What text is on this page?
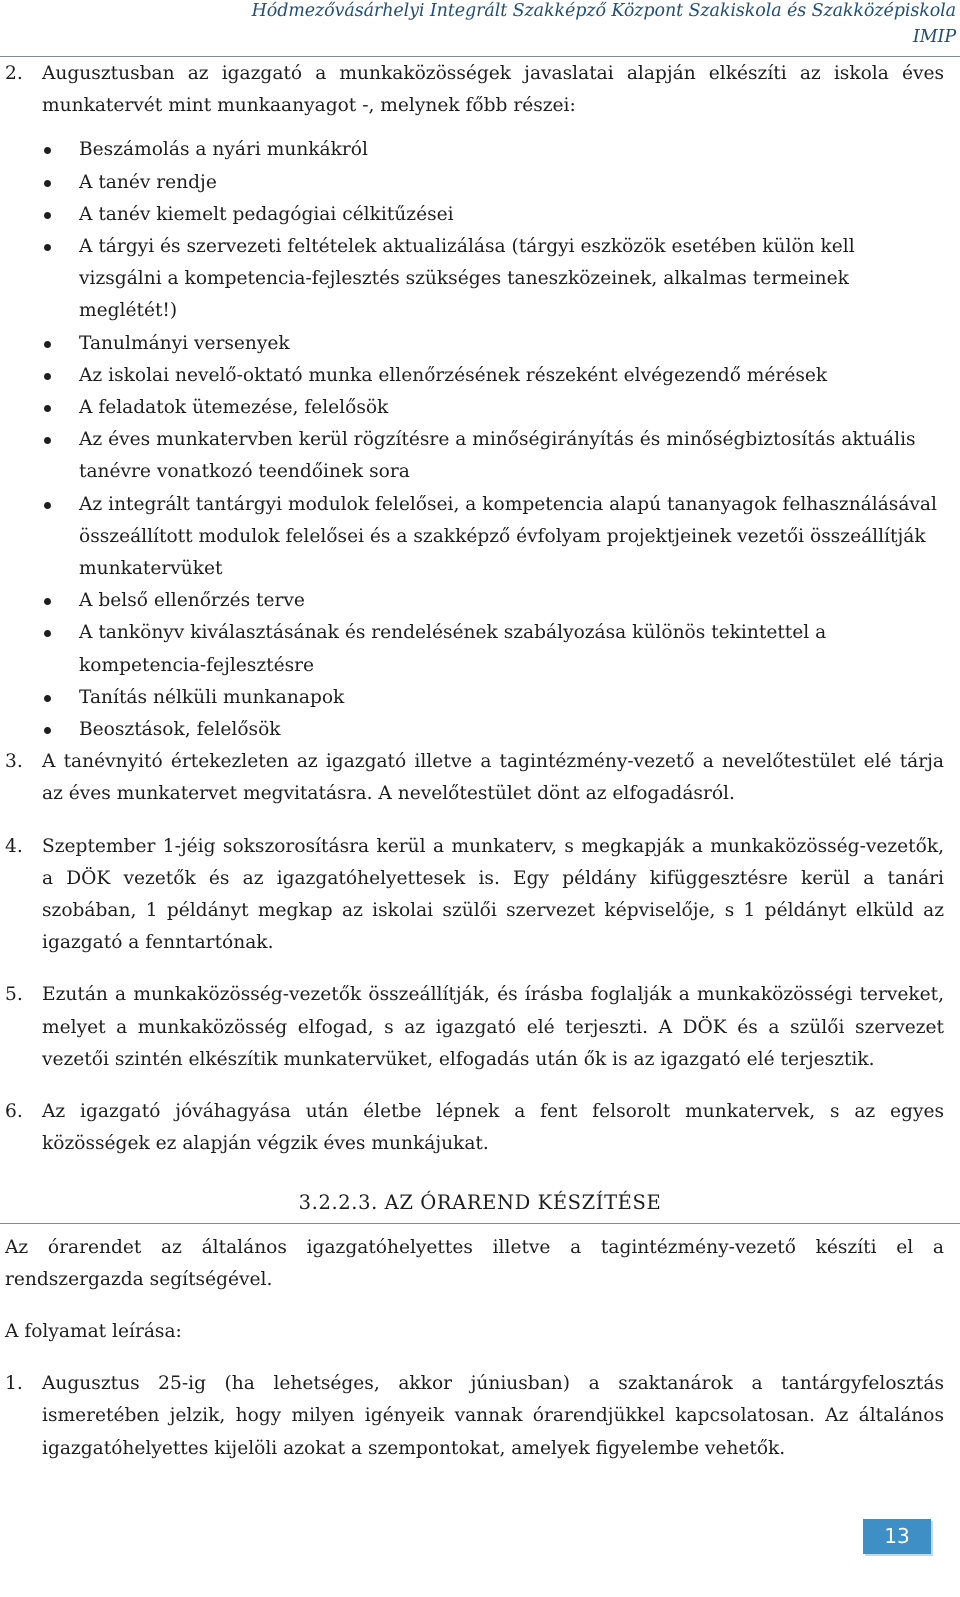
Hódmezővásárhelyi Integrált Szakképző Központ Szakiskola és Szakközépiskola
IMIP
2. Augusztusban az igazgató a munkaközösségek javaslatai alapján elkészíti az iskola éves munkatervét mint munkaanyagot -, melynek főbb részei:
Beszámolás a nyári munkákról
A tanév rendje
A tanév kiemelt pedagógiai célkitűzései
A tárgyi és szervezeti feltételek aktualizálása (tárgyi eszközök esetében külön kell vizsgálni a kompetencia-fejlesztés szükséges taneszközeinek, alkalmas termeinek meglétét!)
Tanulmányi versenyek
Az iskolai nevelő-oktató munka ellenőrzésének részeként elvégezendő mérések
A feladatok ütemezése, felelősök
Az éves munkatervben kerül rögzítésre a minőségirányítás és minőségbiztosítás aktuális tanévre vonatkozó teendőinek sora
Az integrált tantárgyi modulok felelősei, a kompetencia alapú tananyagok felhasználásával összeállított modulok felelősei és a szakképző évfolyam projektjeinek vezetői összeállítják munkatervüket
A belső ellenőrzés terve
A tankönyv kiválasztásának és rendelésének szabályozása különös tekintettel a kompetencia-fejlesztésre
Tanítás nélküli munkanapok
Beosztások, felelősök
3. A tanévnyitó értekezleten az igazgató illetve a tagintézmény-vezető a nevelőtestület elé tárja az éves munkatervet megvitatásra. A nevelőtestület dönt az elfogadásról.
4. Szeptember 1-jéig sokszorosításra kerül a munkaterv, s megkapják a munkaközösség-vezetők, a DÖK vezetők és az igazgatóhelyettesek is. Egy példány kifüggesztésre kerül a tanári szobában, 1 példányt megkap az iskolai szülői szervezet képviselője, s 1 példányt elküld az igazgató a fenntartónak.
5. Ezután a munkaközösség-vezetők összeállítják, és írásba foglalják a munkaközösségi terveket, melyet a munkaközösség elfogad, s az igazgató elé terjeszti. A DÖK és a szülői szervezet vezetői szintén elkészítik munkatervüket, elfogadás után ők is az igazgató elé terjesztik.
6. Az igazgató jóváhagyása után életbe lépnek a fent felsorolt munkatervek, s az egyes közösségek ez alapján végzik éves munkájukat.
3.2.2.3. AZ ÓRAREND KÉSZÍTÉSE

Az órarendet az általános igazgatóhelyettes illetve a tagintézmény-vezető készíti el a rendszergazda segítségével.

A folyamat leírása:

1. Augusztus 25-ig (ha lehetséges, akkor júniusban) a szaktanárok a tantárgyfelosztás ismeretében jelzik, hogy milyen igényeik vannak órarendjükkel kapcsolatosan. Az általános igazgatóhelyettes kijelöli azokat a szempontokat, amelyek figyelembe vehetők.
13
